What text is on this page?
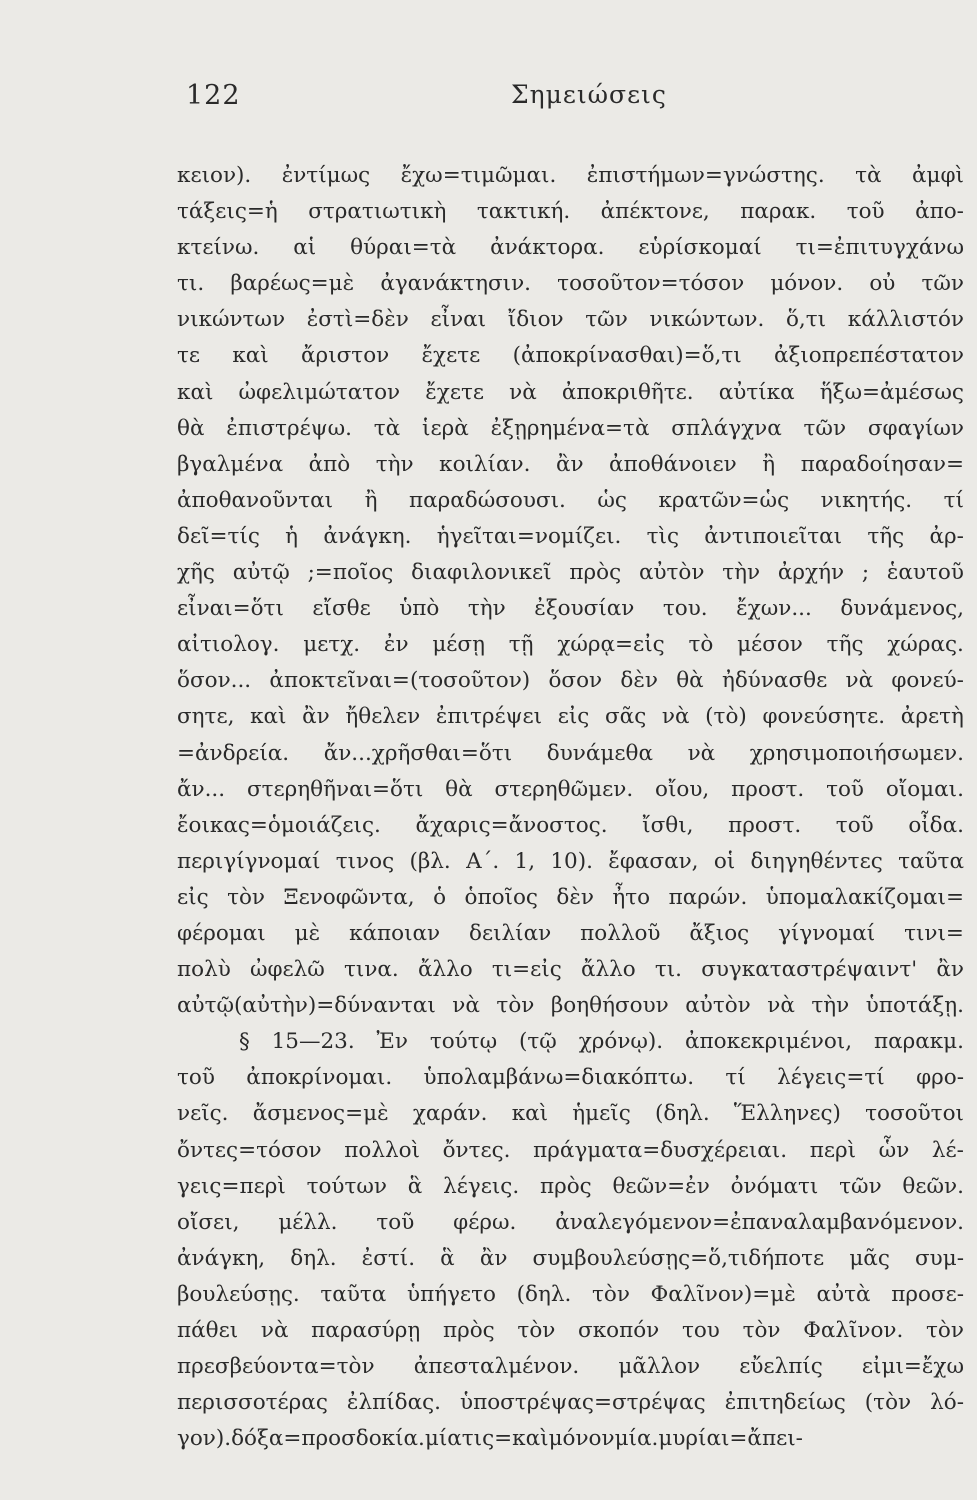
122	Σημειώσεις
κειον). ἐντίμως ἔχω=τιμῶμαι. ἐπιστήμων=γνώστης. τὰ ἀμφὶ
τάξεις=ἡ στρατιωτικὴ τακτική. ἀπέκτονε, παρακ. τοῦ ἀπο-
κτείνω. αἱ θύραι=τὰ ἀνάκτορα. εὑρίσκομαί τι=ἐπιτυγχάνω
τι. βαρέως=μὲ ἀγανάκτησιν. τοσοῦτον=τόσον μόνον. οὐ τῶν
νικώντων ἐστὶ=δὲν εἶναι ἴδιον τῶν νικώντων. ὅ,τι κάλλιστόν
τε καὶ ἄριστον ἔχετε (ἀποκρίνασθαι)=ὅ,τι ἀξιοπρεπέστατον
καὶ ὠφελιμώτατον ἔχετε νὰ ἀποκριθῆτε. αὐτίκα ἥξω=ἀμέσως
θὰ ἐπιστρέψω. τὰ ἱερὰ ἐξῃρημένα=τὰ σπλάγχνα τῶν σφαγίων
βγαλμένα ἀπὸ τὴν κοιλίαν. ἂν ἀποθάνοιεν ἢ παραδοίησαν=
ἀποθανοῦνται ἢ παραδώσουσι. ὡς κρατῶν=ὡς νικητής. τί
δεῖ=τίς ἡ ἀνάγκη. ἡγεῖται=νομίζει. τὶς ἀντιποιεῖται τῆς ἀρ-
χῆς αὐτῷ ;=ποῖος διαφιλονικεῖ πρὸς αὐτὸν τὴν ἀρχήν ; ἑαυτοῦ
εἶναι=ὅτι εἴσθε ὑπὸ τὴν ἐξουσίαν του. ἔχων... δυνάμενος,
αἰτιολογ. μετχ. ἐν μέσῃ τῇ χώρᾳ=εἰς τὸ μέσον τῆς χώρας.
ὅσον... ἀποκτεῖναι=(τοσοῦτον) ὅσον δὲν θὰ ἠδύνασθε νὰ φονεύ-
σητε, καὶ ἂν ἤθελεν ἐπιτρέψει εἰς σᾶς νὰ (τὸ) φονεύσητε. ἀρετὴ
=ἀνδρεία. ἄν...χρῆσθαι=ὅτι δυνάμεθα νὰ χρησιμοποιήσωμεν.
ἄν... στερηθῆναι=ὅτι θὰ στερηθῶμεν. οἴου, προστ. τοῦ οἴομαι.
ἔοικας=ὁμοιάζεις. ἄχαρις=ἄνοστος. ἴσθι, προστ. τοῦ οἶδα.
περιγίγνομαί τινος (βλ. Α΄. 1, 10). ἔφασαν, οἱ διηγηθέντες ταῦτα
εἰς τὸν Ξενοφῶντα, ὁ ὁποῖος δὲν ἦτο παρών. ὑπομαλακίζομαι=
φέρομαι μὲ κάποιαν δειλίαν πολλοῦ ἄξιος γίγνομαί τινι=
πολὺ ὠφελῶ τινα. ἄλλο τι=εἰς ἄλλο τι. συγκαταστρέψαιντ' ἂν
αὐτῷ(αὐτὴν)=δύνανται νὰ τὸν βοηθήσουν αὐτὸν νὰ τὴν ὑποτάξῃ.
§ 15—23. Ἐν τούτῳ (τῷ χρόνῳ). ἀποκεκριμένοι, παρακμ.
τοῦ ἀποκρίνομαι. ὑπολαμβάνω=διακόπτω. τί λέγεις=τί φρο-
νεῖς. ἄσμενος=μὲ χαράν. καὶ ἡμεῖς (δηλ. Ἕλληνες) τοσοῦτοι
ὄντες=τόσον πολλοὶ ὄντες. πράγματα=δυσχέρειαι. περὶ ὧν λέ-
γεις=περὶ τούτων ἃ λέγεις. πρὸς θεῶν=ἐν ὀνόματι τῶν θεῶν.
οἴσει, μέλλ. τοῦ φέρω. ἀναλεγόμενον=ἐπαναλαμβανόμενον.
ἀνάγκη, δηλ. ἐστί. ἃ ἂν συμβουλεύσῃς=ὅ,τιδήποτε μᾶς συμ-
βουλεύσῃς. ταῦτα ὑπήγετο (δηλ. τὸν Φαλῖνον)=μὲ αὐτὰ προσε-
πάθει νὰ παρασύρῃ πρὸς τὸν σκοπόν του τὸν Φαλῖνον. τὸν
πρεσβεύοντα=τὸν ἀπεσταλμένον. μᾶλλον εὔελπίς εἰμι=ἔχω
περισσοτέρας ἐλπίδας. ὑποστρέψας=στρέψας ἐπιτηδείως (τὸν λό-
γον). δόξα=προσδοκία. μία τις=καὶ μόνον μία. μυρίαι=ἄπει-
